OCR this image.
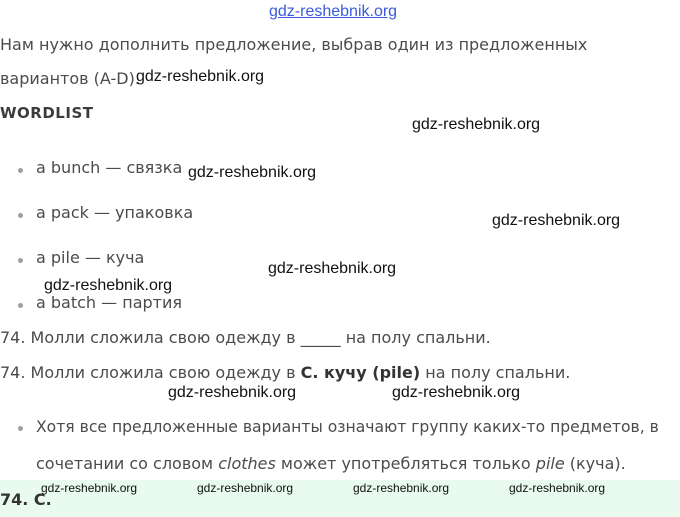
gdz-reshebnik.org
Нам нужно дополнить предложение, выбрав один из предложенных
вариантов (A-D).
gdz-reshebnik.org
WORDLIST
gdz-reshebnik.org
a bunch — связка gdz-reshebnik.org
a pack — упаковка	gdz-reshebnik.org
a pile — куча
gdz-reshebnik.org
gdz-reshebnik.org
a batch — партия
74. Молли сложила свою одежду в _____ на полу спальни.
74. Молли сложила свою одежду в C. кучу (pile) на полу спальни.
gdz-reshebnik.org	gdz-reshebnik.org
Хотя все предложенные варианты означают группу каких-то предметов, в
сочетании со словом clothes может употребляться только pile (куча).
74. C.
gdz-reshebnik.org	gdz-reshebnik.org	gdz-reshebnik.org	gdz-reshebnik.org
